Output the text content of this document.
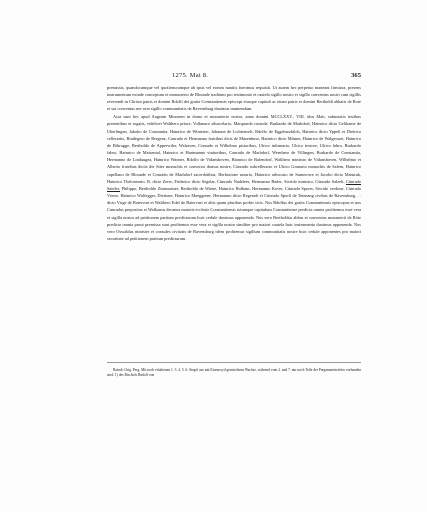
1275. Mai 8.	365

premissis, quandocumque vel quotienscumque ab ipsis vel eorum nuntiis fuerimus requisiti. Ut autem hec perpetuo maneant firmiora, presens instrumentum exinde conceptum et monasterio de Blounde traditum pro testimonio et cautela sigillo nostro et sigillo conventus nostri cum sigillis reverendi in Christo patris et domini Rdolfi dei gratia Constantiensis episcopi eiusque capituli ac etiam patris et domini Bertholdi abbatis de Rote et sui conventus nec non sigillo communitatis de Ravensburg duximus muniendum.

Acta sunt hec apud Augeam Minorem in domo et monasterio nostro, anno domini MCCLXXV., VIII. idus Maii, subnotatis testibus presentibus et rogatis, videlicet Walthero priore, Volkmaro siluscelario, Marquardo custode, Burkardo de Marhdorf, Hainrico dicto Geltkame de Uberlingen, Jakobo de Constantia, Hainrico de Winterter, Johanne de Lichtenvelt, Rdolfo de Eggeharzkilch, Hainrico dicto Yppeli et Dietrico cellerariis, Riudegero de Bregenz, Conrado et Hermanno fratribus dicis de Mäzenbuse, Hainrico dicto Mömer, Hainrico de Walgerarzi, Hainrico de Bibrugge, Bertholdo de Apprewiler, Walraven, Conrado et Wilhelmo pistoribus, Ulrico infirmario, Ulrico textore, Ulrico fabro, Burkardo fabro, Hainrico de Maisental, Hainrico et Hartmanno vinitoribus, Conrado de Marhdorf, Wernhero de Villingen, Burkardo de Constantia, Hermanno de Lindaugea, Hainrico Wanner, Rdolfo de Vidanshoven, Hainrico de Bafendorf, Walthero ministro de Vidanshoven, Wilhelmo et Alberto fratribus dictis die Stier monachis et conversis domus nostre, Cünrado subcellerario et Ulrico Granario monachis de Salem, Hainrico capellano de Blounde et Conrado de Marhdorf sacerdotibus, Herbortone notario, Hainrico advocato de Sumerowe et Jacobo dicto Manstuk, Hainrico Theloneario, B. dicto Zerer, Friderico dicto Segelar, Cünrado Nadeleer, Hermanno Bader, Sivrido ministro, Cünrado Salzeli, Cünrado Sateler, Philippo, Bertholdo Zinsmaister, Bertholdo de Wiene, Hainrico Holbain, Hermanno Kever, Cünrado Sporer, Sivrido cerdone, Cünrado Vriese, Hainrico Wolfegger, Diettone, Hainrico Maeggener, Hermanno dicto Regenolt et Cünrado Sporli de Tetenang civibus de Ravensburg, . . dicto Vrige de Baiervurt et Walthero Edel de Baiervurt et aliis quam pluribus probis viris. Nos Rdolfus dei gratia Constantiensis episcopus et nos Cunradus prepositus et Walkonus decanus maioris ecclesie Constantiensis totumque capitulum Constantiense predicta omnia profitemur esse vera et sigilla nostra ad petitionem partium predictarum huic cedule duximus apponenda. Nos vero Bertholdus abbas et conventus monasterii de Röte predicta omnia prout premissa sunt profitemur esse vera et sigilla nostra similiter pro maiori cautela huic instrumento duximus apponenda. Nos vero Oswaldus minister et consules civitatis de Ravensburg idem profitemur sigillum communitatis nostre huic cedule apponentes pro maiori securitate ad petitionem partium predictarum.

Baindt. Orig. Perg. Mit noch erhaltenen 1. 3. 4. 5. 6. Siegel aus mit Eisenoxyd gemischtem Wachse, während vom 2. und 7. nur noch Teile der Pergamentstreifen vorhanden sind: 1) des Bischofs Rudolf von
